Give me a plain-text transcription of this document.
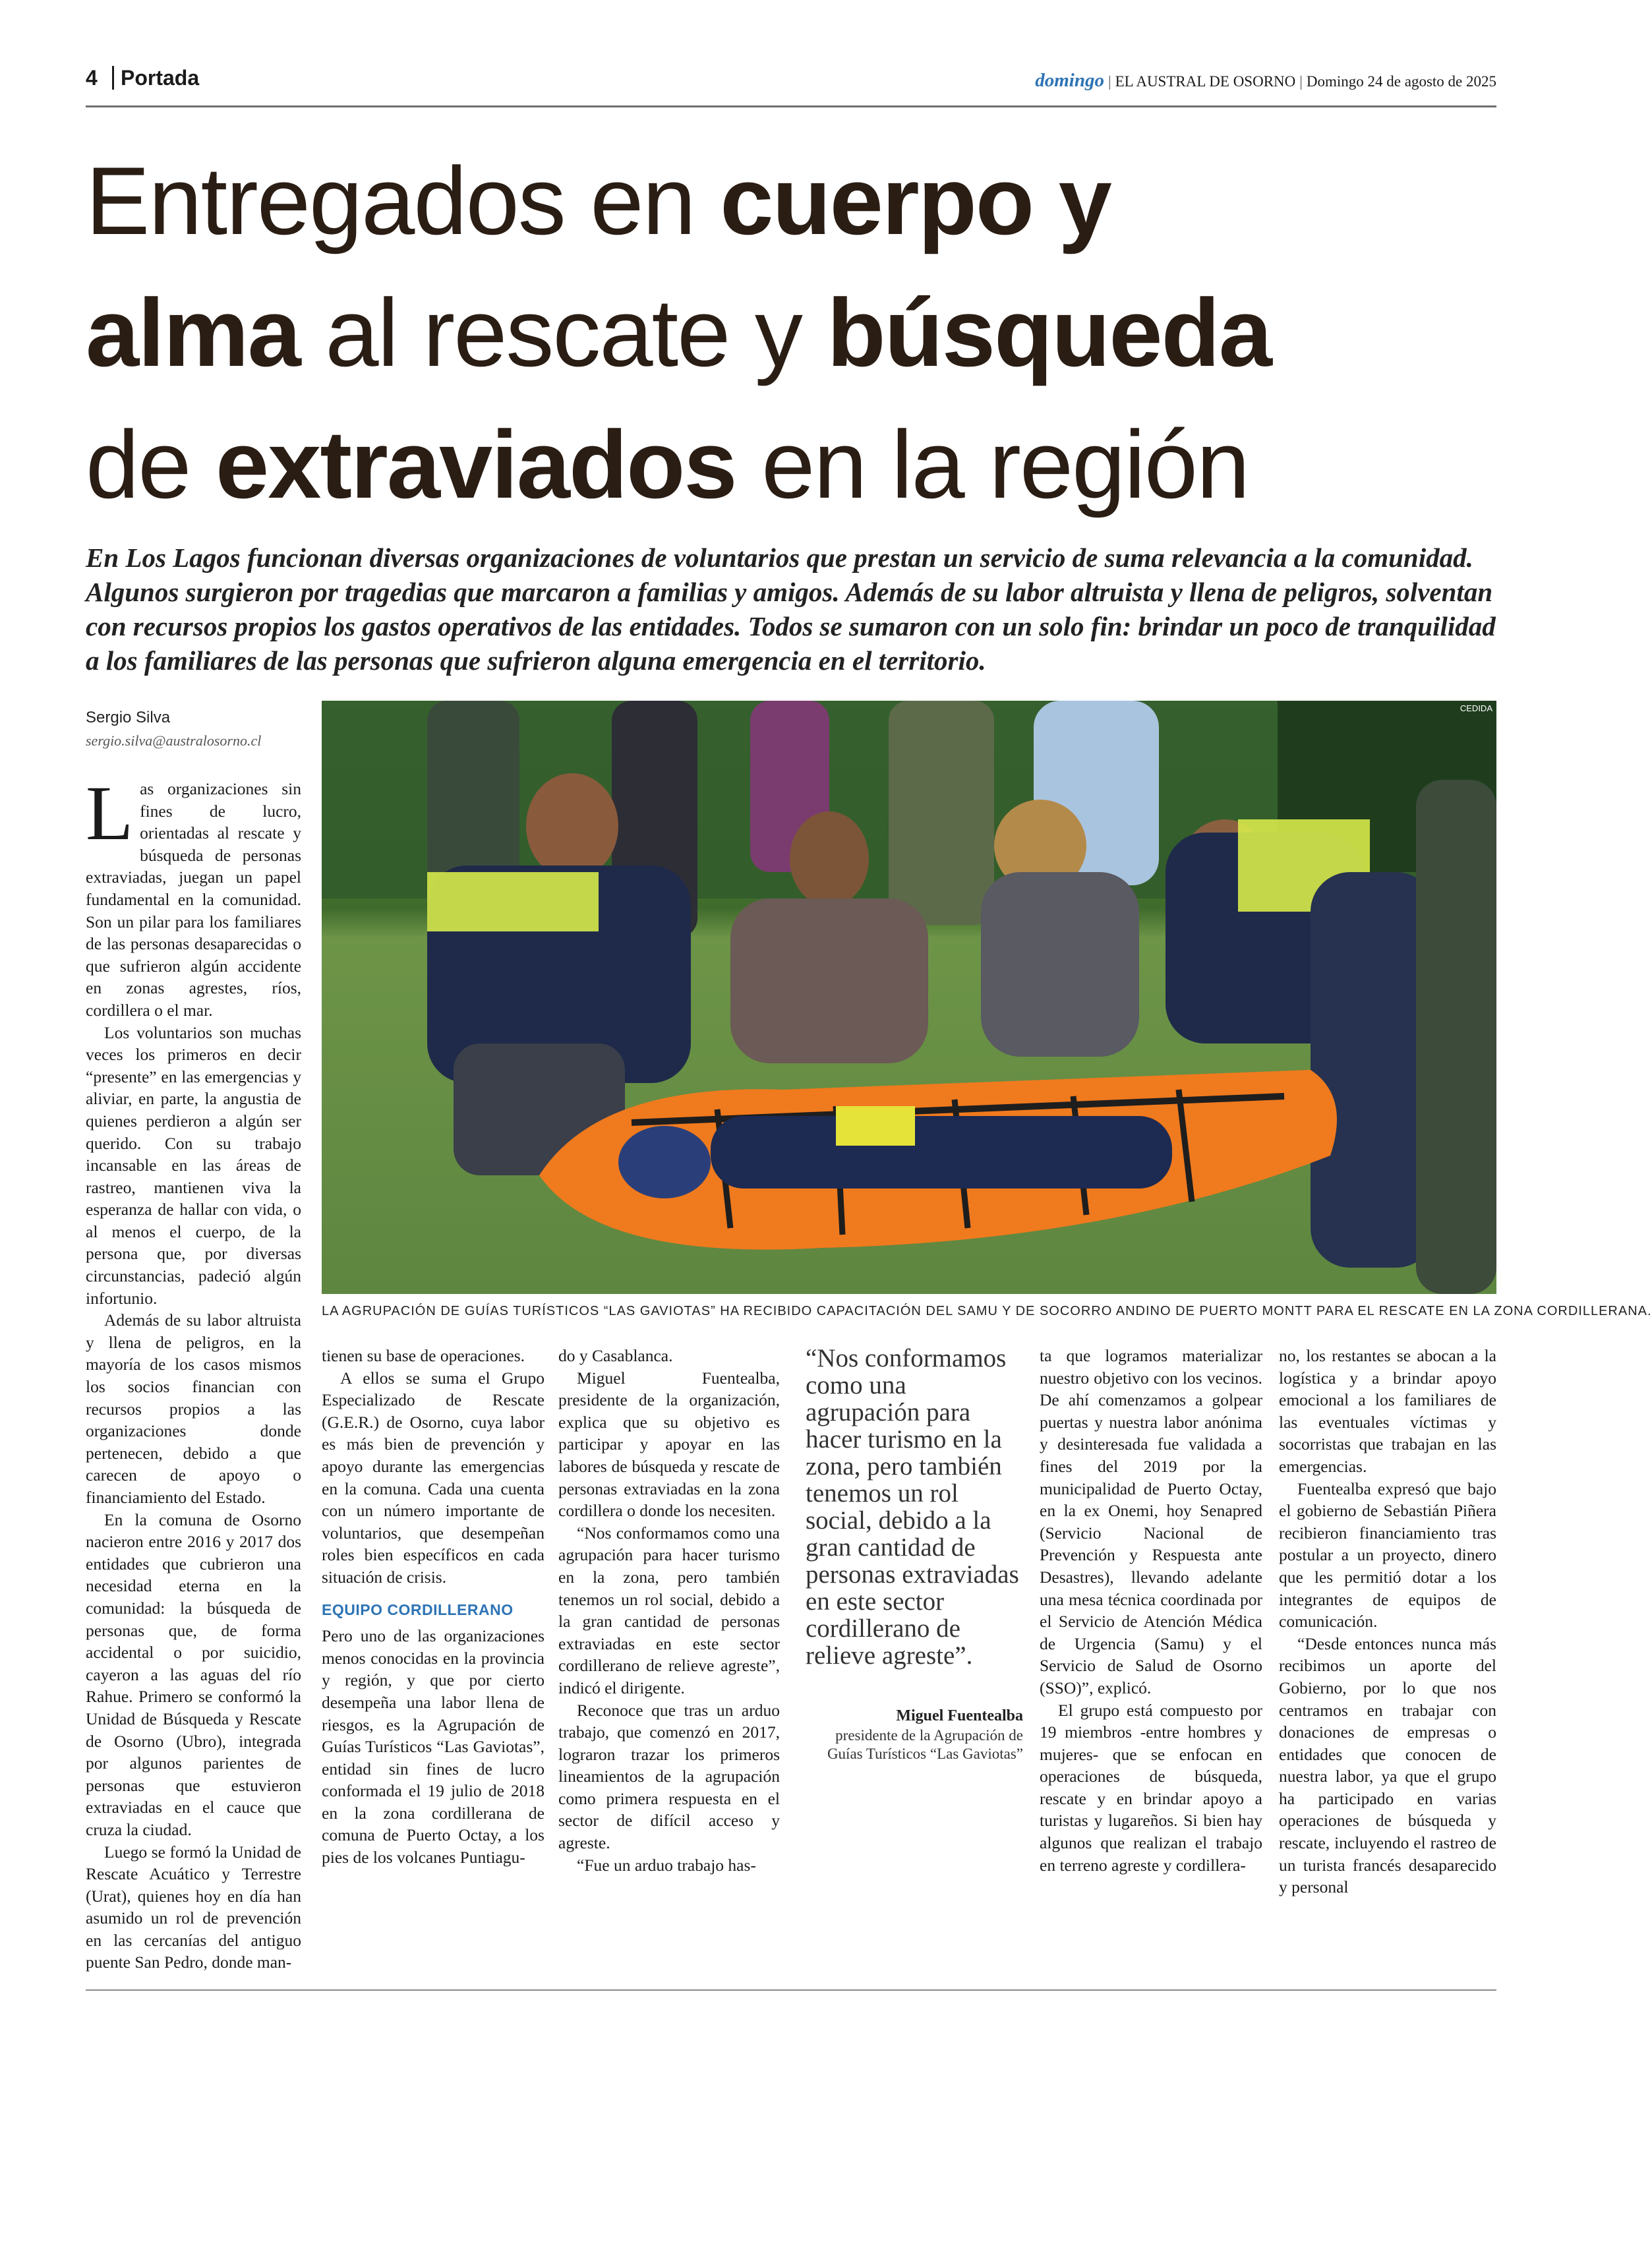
4	Portada	domingo | EL AUSTRAL DE OSORNO | Domingo 24 de agosto de 2025
Entregados en cuerpo y
alma al rescate y búsqueda
de extraviados en la región
En Los Lagos funcionan diversas organizaciones de voluntarios que prestan un servicio de suma relevancia a la comunidad. Algunos surgieron por tragedias que marcaron a familias y amigos. Además de su labor altruista y llena de peligros, solventan con recursos propios los gastos operativos de las entidades. Todos se sumaron con un solo fin: brindar un poco de tranquilidad a los familiares de las personas que sufrieron alguna emergencia en el territorio.
Sergio Silva
sergio.silva@australosorno.cl
CEDIDA
LA AGRUPACIÓN DE GUÍAS TURÍSTICOS “LAS GAVIOTAS” HA RECIBIDO CAPACITACIÓN DEL SAMU Y DE SOCORRO ANDINO DE PUERTO MONTT PARA EL RESCATE EN LA ZONA CORDILLERANA.

Las organizaciones sin fines de lucro, orientadas al rescate y búsqueda de personas extraviadas, juegan un papel fundamental en la comunidad. Son un pilar para los familiares de las personas desaparecidas o que sufrieron algún accidente en zonas agrestes, ríos, cordillera o el mar.

Los voluntarios son muchas veces los primeros en decir “presente” en las emergencias y aliviar, en parte, la angustia de quienes perdieron a algún ser querido. Con su trabajo incansable en las áreas de rastreo, mantienen viva la esperanza de hallar con vida, o al menos el cuerpo, de la persona que, por diversas circunstancias, padeció algún infortunio.

Además de su labor altruista y llena de peligros, en la mayoría de los casos mismos los socios financian con recursos propios a las organizaciones donde pertenecen, debido a que carecen de apoyo o financiamiento del Estado.

En la comuna de Osorno nacieron entre 2016 y 2017 dos entidades que cubrieron una necesidad eterna en la comunidad: la búsqueda de personas que, de forma accidental o por suicidio, cayeron a las aguas del río Rahue. Primero se conformó la Unidad de Búsqueda y Rescate de Osorno (Ubro), integrada por algunos parientes de personas que estuvieron extraviadas en el cauce que cruza la ciudad.

Luego se formó la Unidad de Rescate Acuático y Terrestre (Urat), quienes hoy en día han asumido un rol de prevención en las cercanías del antiguo puente San Pedro, donde man-

tienen su base de operaciones.

A ellos se suma el Grupo Especializado de Rescate (G.E.R.) de Osorno, cuya labor es más bien de prevención y apoyo durante las emergencias en la comuna. Cada una cuenta con un número importante de voluntarios, que desempeñan roles bien específicos en cada situación de crisis.

EQUIPO CORDILLERANO

Pero uno de las organizaciones menos conocidas en la provincia y región, y que por cierto desempeña una labor llena de riesgos, es la Agrupación de Guías Turísticos “Las Gaviotas”, entidad sin fines de lucro conformada el 19 julio de 2018 en la zona cordillerana de comuna de Puerto Octay, a los pies de los volcanes Puntiagu-

do y Casablanca.

Miguel Fuentealba, presidente de la organización, explica que su objetivo es participar y apoyar en las labores de búsqueda y rescate de personas extraviadas en la zona cordillera o donde los necesiten.

“Nos conformamos como una agrupación para hacer turismo en la zona, pero también tenemos un rol social, debido a la gran cantidad de personas extraviadas en este sector cordillerano de relieve agreste”, indicó el dirigente.

Reconoce que tras un arduo trabajo, que comenzó en 2017, lograron trazar los primeros lineamientos de la agrupación como primera respuesta en el sector de difícil acceso y agreste.

“Fue un arduo trabajo has-

“Nos conformamos como una agrupación para hacer turismo en la zona, pero también tenemos un rol social, debido a la gran cantidad de personas extraviadas en este sector cordillerano de relieve agreste”.
Miguel Fuentealba
presidente de la Agrupación de Guías Turísticos “Las Gaviotas”

ta que logramos materializar nuestro objetivo con los vecinos. De ahí comenzamos a golpear puertas y nuestra labor anónima y desinteresada fue validada a fines del 2019 por la municipalidad de Puerto Octay, en la ex Onemi, hoy Senapred (Servicio Nacional de Prevención y Respuesta ante Desastres), llevando adelante una mesa técnica coordinada por el Servicio de Atención Médica de Urgencia (Samu) y el Servicio de Salud de Osorno (SSO)”, explicó.

El grupo está compuesto por 19 miembros -entre hombres y mujeres- que se enfocan en operaciones de búsqueda, rescate y en brindar apoyo a turistas y lugareños. Si bien hay algunos que realizan el trabajo en terreno agreste y cordillera-

no, los restantes se abocan a la logística y a brindar apoyo emocional a los familiares de las eventuales víctimas y socorristas que trabajan en las emergencias.

Fuentealba expresó que bajo el gobierno de Sebastián Piñera recibieron financiamiento tras postular a un proyecto, dinero que les permitió dotar a los integrantes de equipos de comunicación.

“Desde entonces nunca más recibimos un aporte del Gobierno, por lo que nos centramos en trabajar con donaciones de empresas o entidades que conocen de nuestra labor, ya que el grupo ha participado en varias operaciones de búsqueda y rescate, incluyendo el rastreo de un turista francés desaparecido y personal
